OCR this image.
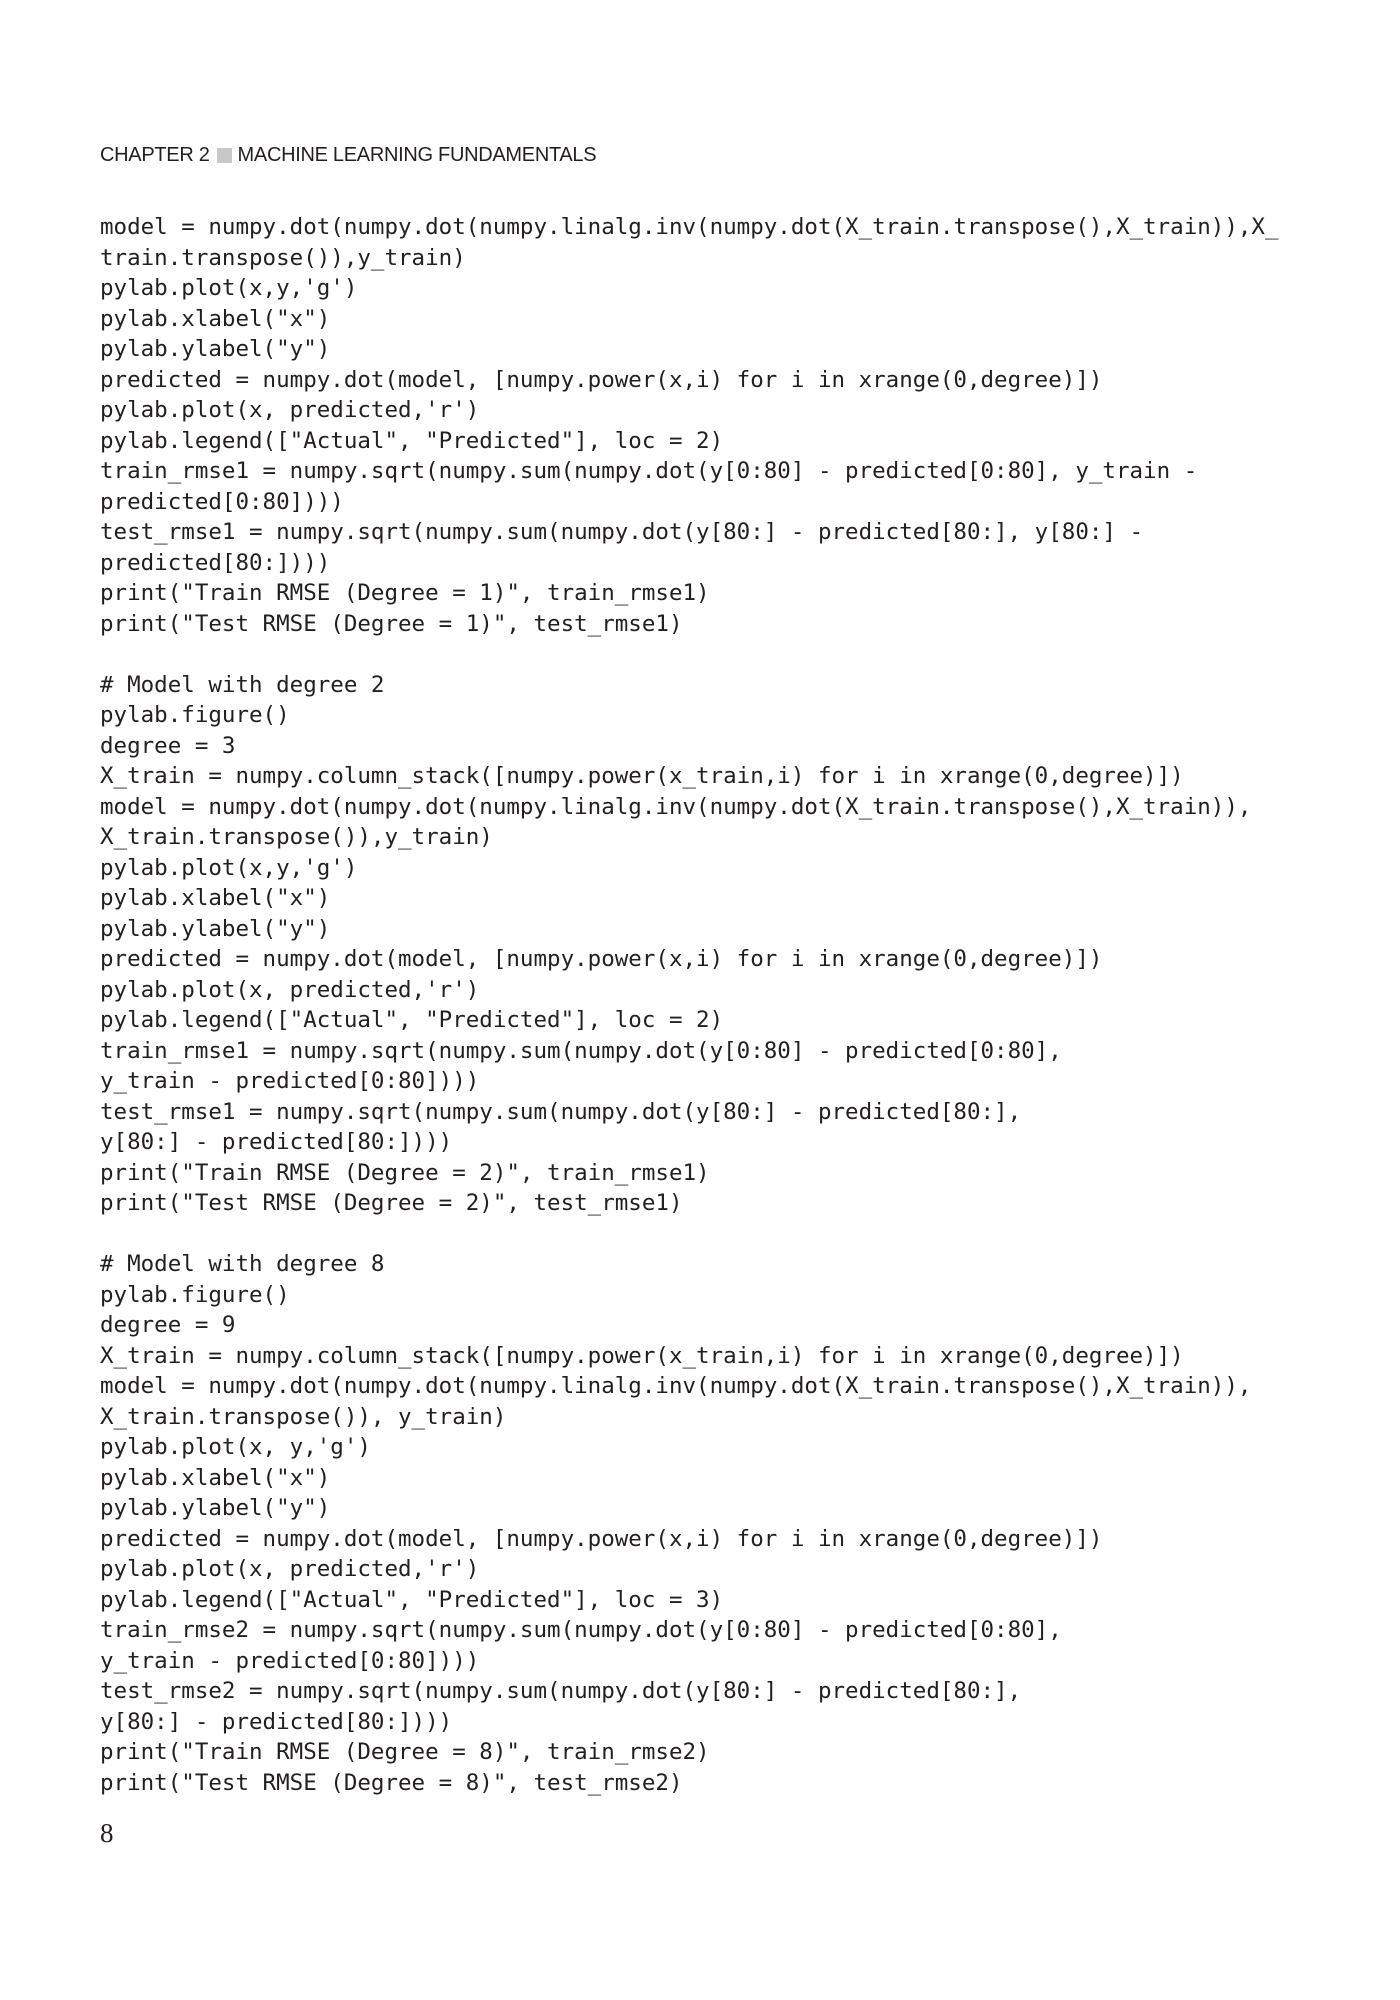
CHAPTER 2 MACHINE LEARNING FUNDAMENTALS
model = numpy.dot(numpy.dot(numpy.linalg.inv(numpy.dot(X_train.transpose(),X_train)),X_
train.transpose()),y_train)
pylab.plot(x,y,'g')
pylab.xlabel("x")
pylab.ylabel("y")
predicted = numpy.dot(model, [numpy.power(x,i) for i in xrange(0,degree)])
pylab.plot(x, predicted,'r')
pylab.legend(["Actual", "Predicted"], loc = 2)
train_rmse1 = numpy.sqrt(numpy.sum(numpy.dot(y[0:80] - predicted[0:80], y_train -
predicted[0:80])))
test_rmse1 = numpy.sqrt(numpy.sum(numpy.dot(y[80:] - predicted[80:], y[80:] -
predicted[80:])))
print("Train RMSE (Degree = 1)", train_rmse1)
print("Test RMSE (Degree = 1)", test_rmse1)
# Model with degree 2
pylab.figure()
degree = 3
X_train = numpy.column_stack([numpy.power(x_train,i) for i in xrange(0,degree)])
model = numpy.dot(numpy.dot(numpy.linalg.inv(numpy.dot(X_train.transpose(),X_train)),
X_train.transpose()),y_train)
pylab.plot(x,y,'g')
pylab.xlabel("x")
pylab.ylabel("y")
predicted = numpy.dot(model, [numpy.power(x,i) for i in xrange(0,degree)])
pylab.plot(x, predicted,'r')
pylab.legend(["Actual", "Predicted"], loc = 2)
train_rmse1 = numpy.sqrt(numpy.sum(numpy.dot(y[0:80] - predicted[0:80],
y_train - predicted[0:80])))
test_rmse1 = numpy.sqrt(numpy.sum(numpy.dot(y[80:] - predicted[80:],
y[80:] - predicted[80:])))
print("Train RMSE (Degree = 2)", train_rmse1)
print("Test RMSE (Degree = 2)", test_rmse1)
# Model with degree 8
pylab.figure()
degree = 9
X_train = numpy.column_stack([numpy.power(x_train,i) for i in xrange(0,degree)])
model = numpy.dot(numpy.dot(numpy.linalg.inv(numpy.dot(X_train.transpose(),X_train)),
X_train.transpose()), y_train)
pylab.plot(x, y,'g')
pylab.xlabel("x")
pylab.ylabel("y")
predicted = numpy.dot(model, [numpy.power(x,i) for i in xrange(0,degree)])
pylab.plot(x, predicted,'r')
pylab.legend(["Actual", "Predicted"], loc = 3)
train_rmse2 = numpy.sqrt(numpy.sum(numpy.dot(y[0:80] - predicted[0:80],
y_train - predicted[0:80])))
test_rmse2 = numpy.sqrt(numpy.sum(numpy.dot(y[80:] - predicted[80:],
y[80:] - predicted[80:])))
print("Train RMSE (Degree = 8)", train_rmse2)
print("Test RMSE (Degree = 8)", test_rmse2)
8
